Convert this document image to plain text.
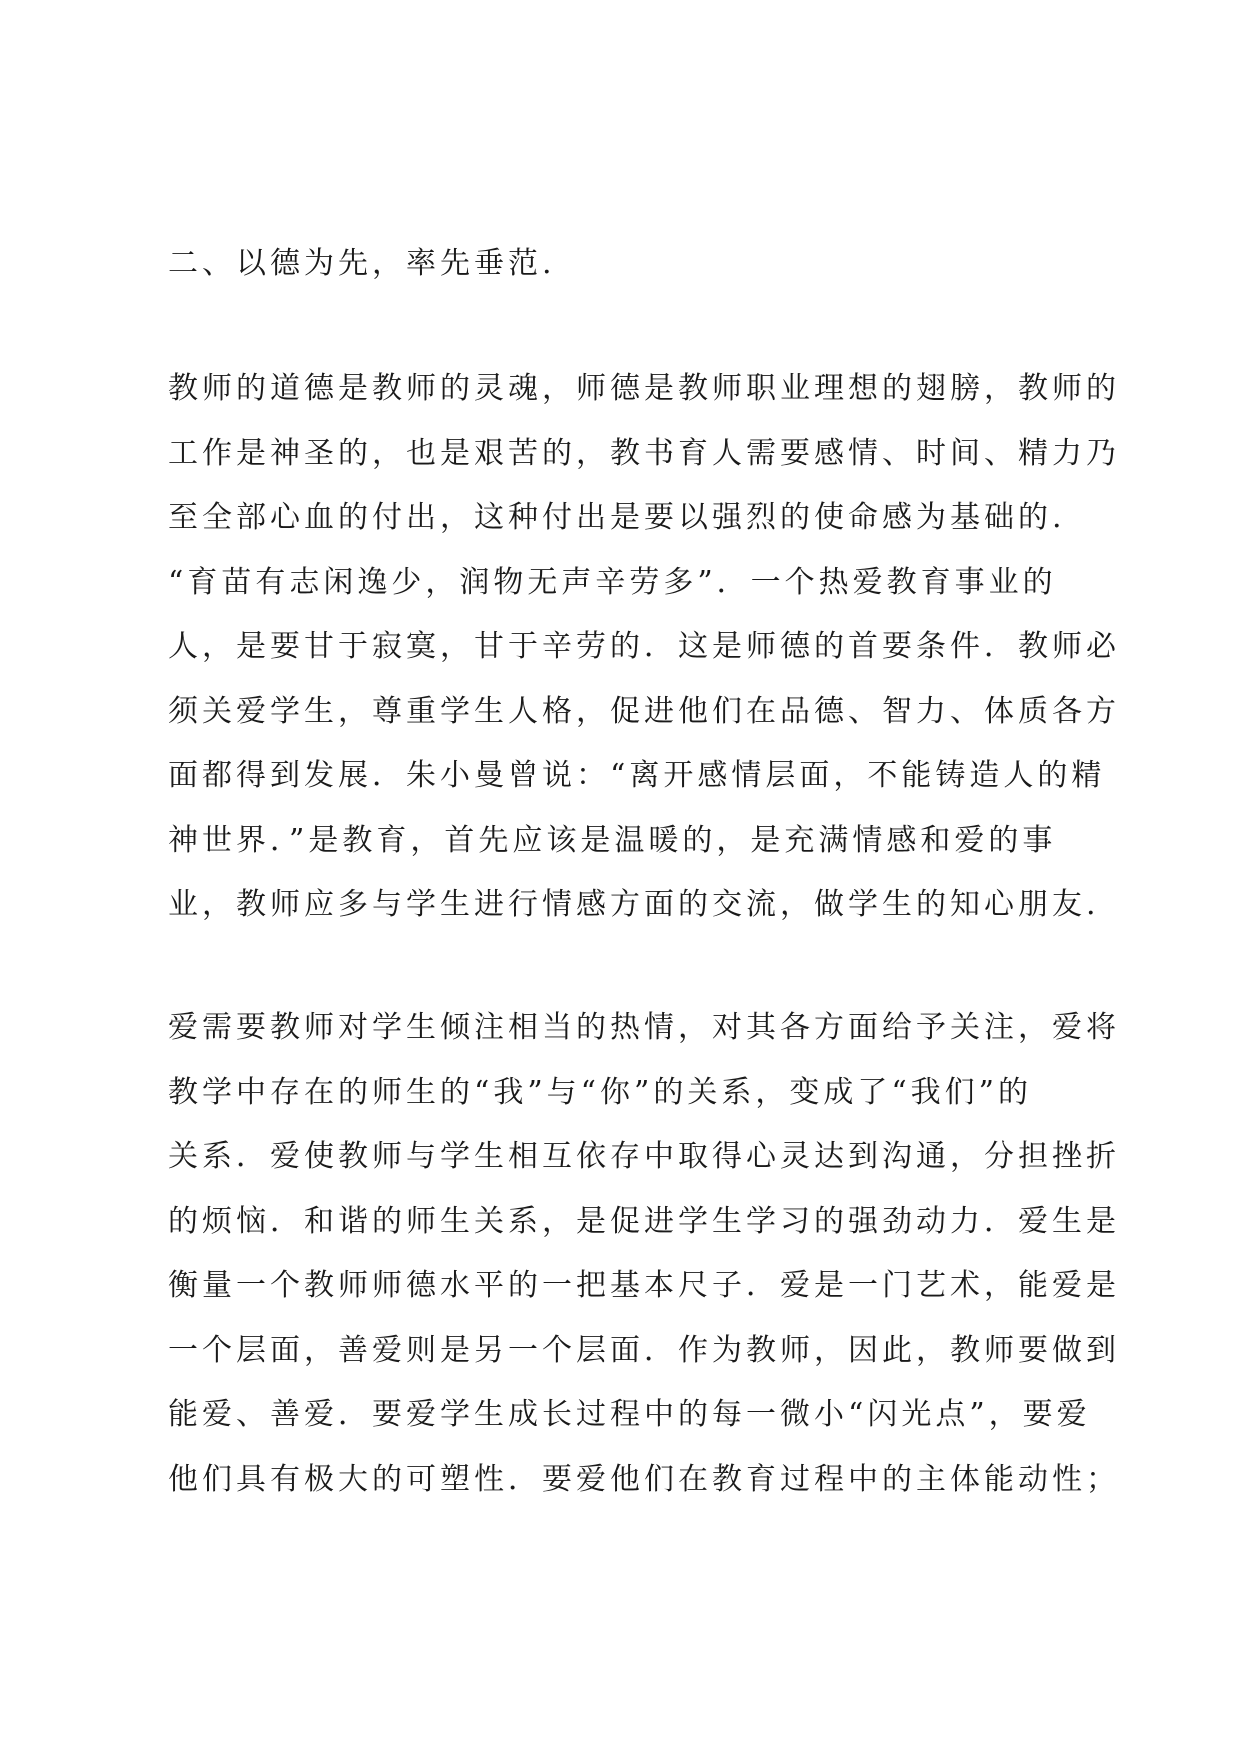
二、以德为先，率先垂范.

教师的道德是教师的灵魂，师德是教师职业理想的翅膀，教师的
工作是神圣的，也是艰苦的，教书育人需要感情、时间、精力乃
至全部心血的付出，这种付出是要以强烈的使命感为基础的.
“育苗有志闲逸少，润物无声辛劳多”．一个热爱教育事业的
人，是要甘于寂寞，甘于辛劳的．这是师德的首要条件．教师必
须关爱学生，尊重学生人格，促进他们在品德、智力、体质各方
面都得到发展．朱小曼曾说：“离开感情层面，不能铸造人的精
神世界．”是教育，首先应该是温暖的，是充满情感和爱的事
业，教师应多与学生进行情感方面的交流，做学生的知心朋友.

爱需要教师对学生倾注相当的热情，对其各方面给予关注，爱将
教学中存在的师生的“我”与“你”的关系，变成了“我们”的
关系．爱使教师与学生相互依存中取得心灵达到沟通，分担挫折
的烦恼．和谐的师生关系，是促进学生学习的强劲动力．爱生是
衡量一个教师师德水平的一把基本尺子．爱是一门艺术，能爱是
一个层面，善爱则是另一个层面．作为教师，因此，教师要做到
能爱、善爱．要爱学生成长过程中的每一微小“闪光点”，要爱
他们具有极大的可塑性．要爱他们在教育过程中的主体能动性；
